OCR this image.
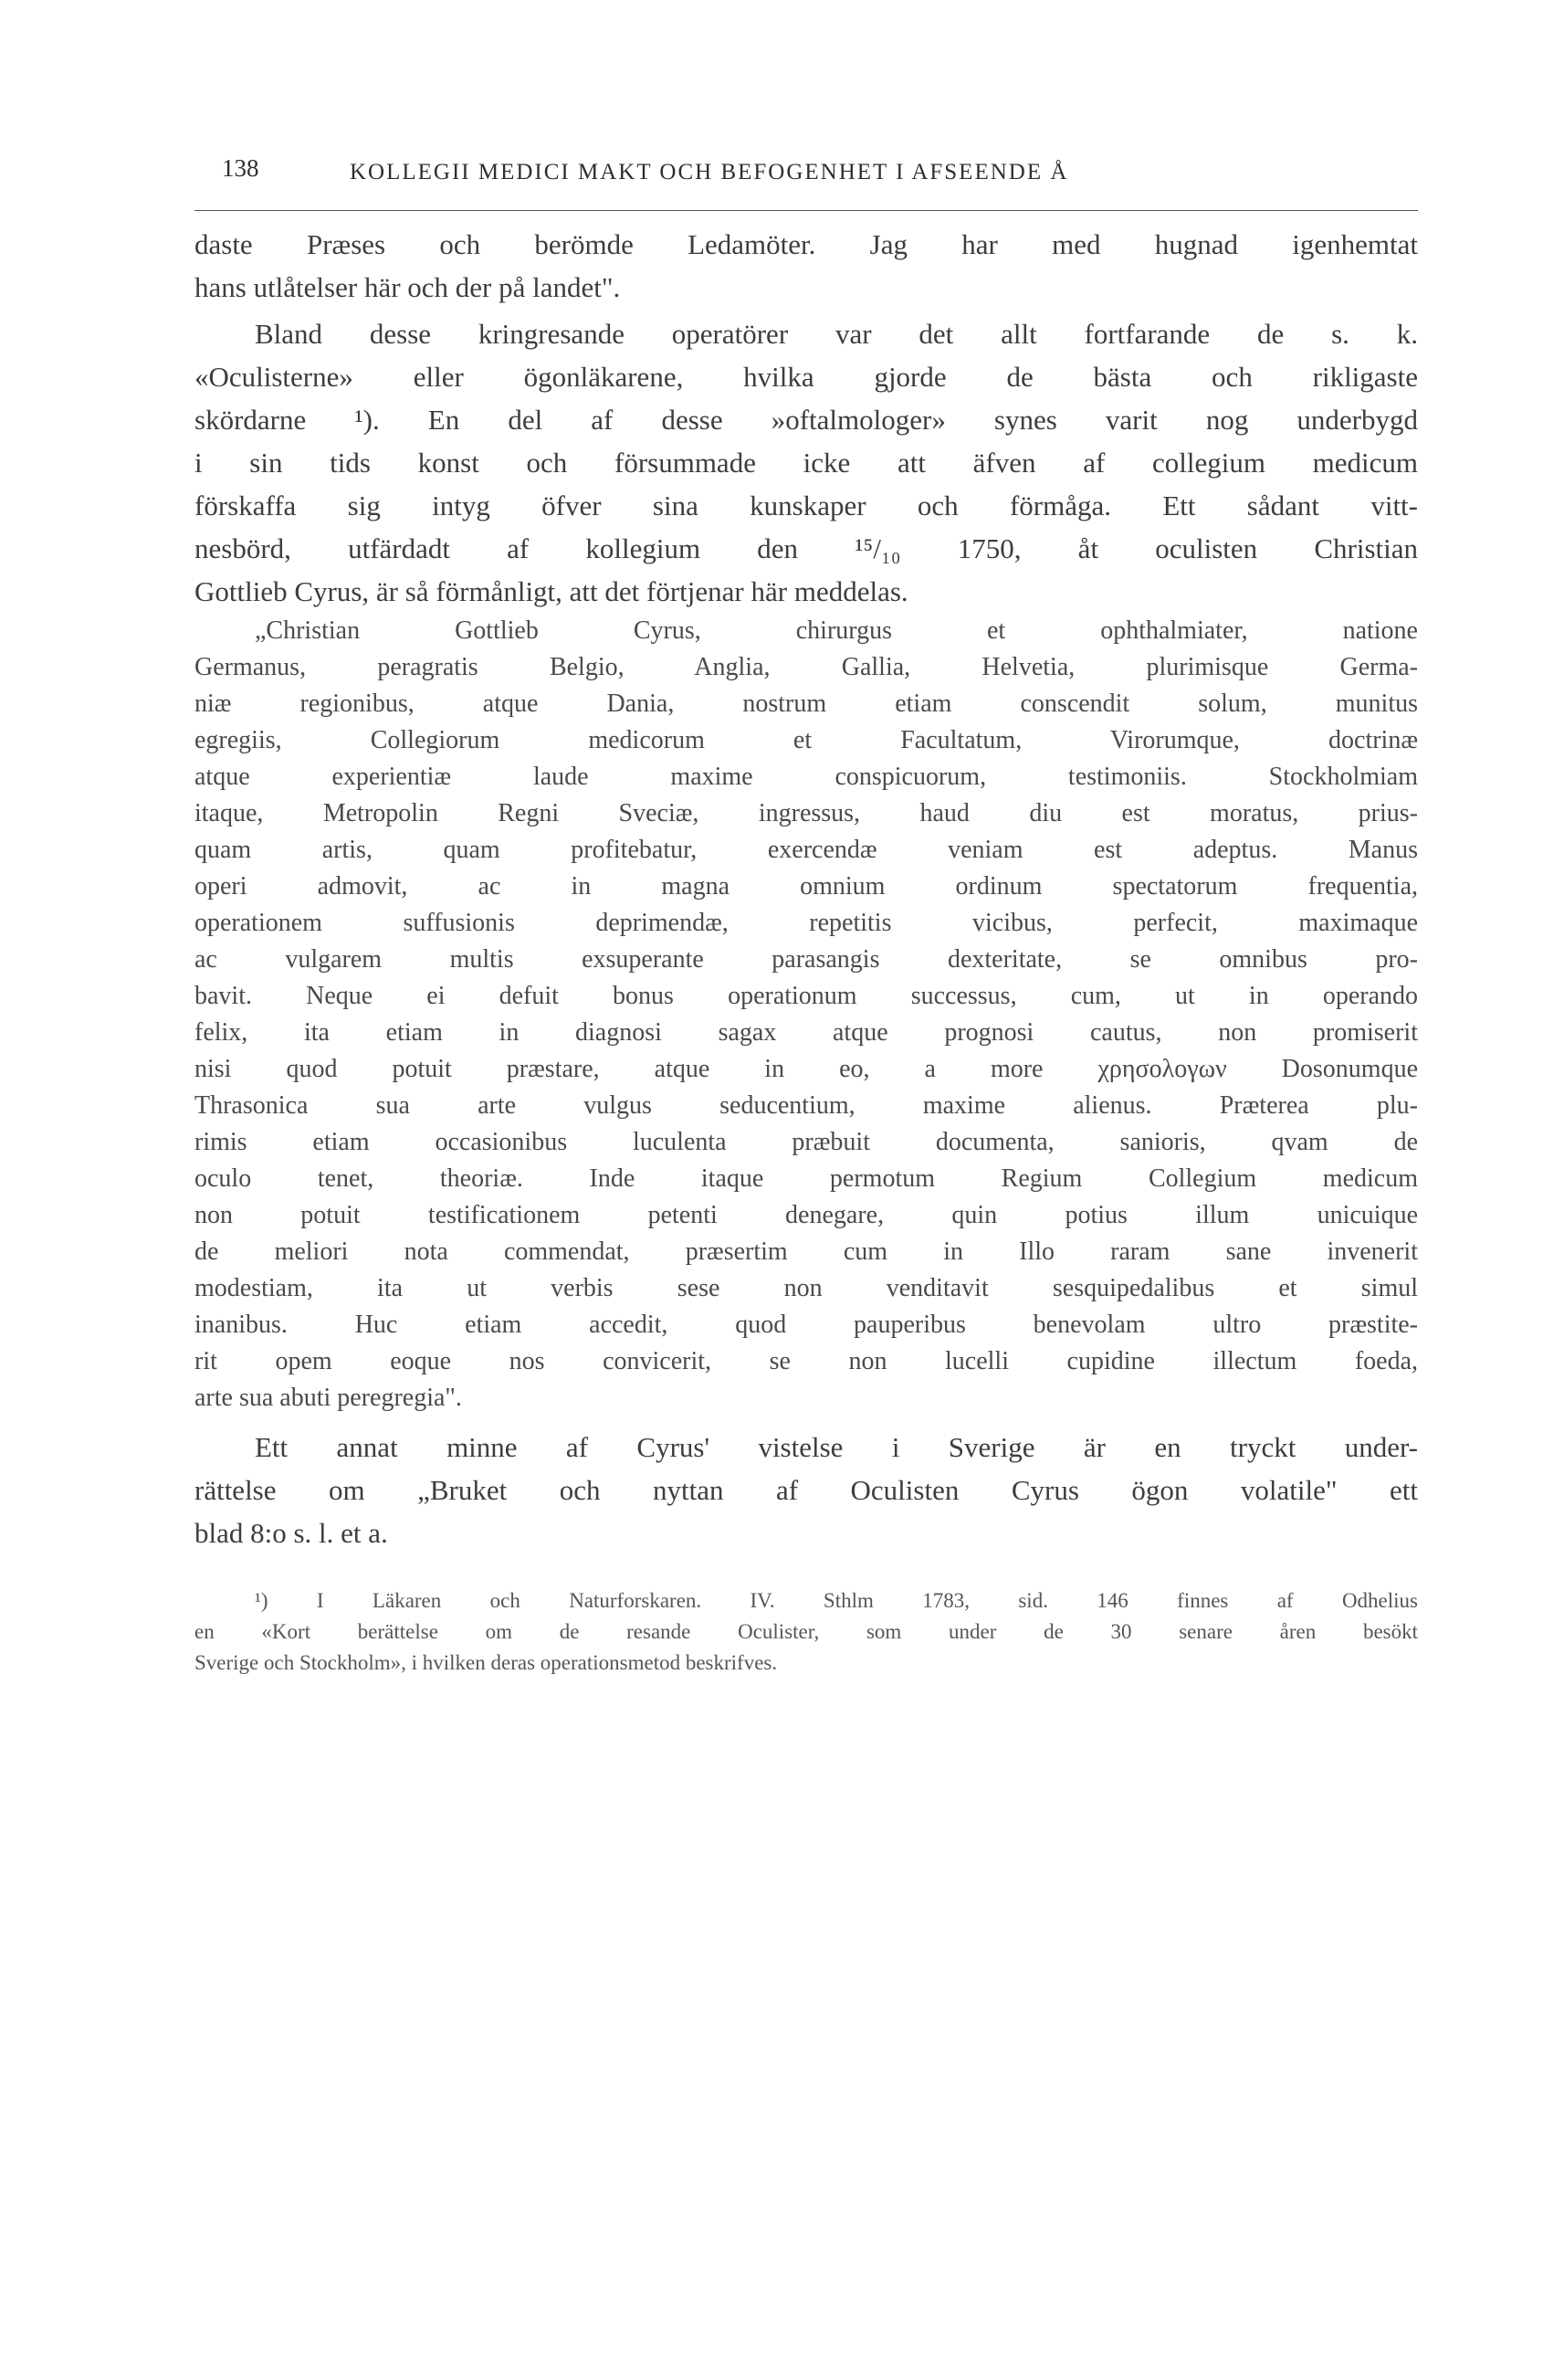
138	KOLLEGII MEDICI MAKT OCH BEFOGENHET I AFSEENDE Å
daste Præses och berömde Ledamöter. Jag har med hugnad igenhemtat
hans utlåtelser här och der på landet".
Bland desse kringresande operatörer var det allt fortfarande de s. k.
«Oculisterne» eller ögonläkarene, hvilka gjorde de bästa och rikligaste
skördarne ¹). En del af desse »oftalmologer» synes varit nog underbygd
i sin tids konst och försummade icke att äfven af collegium medicum
förskaffa sig intyg öfver sina kunskaper och förmåga. Ett sådant vitt-
nesbörd, utfärdadt af kollegium den ¹⁵/₁₀ 1750, åt oculisten Christian
Gottlieb Cyrus, är så förmånligt, att det förtjenar här meddelas.
„Christian Gottlieb Cyrus, chirurgus et ophthalmiater, natione
Germanus, peragratis Belgio, Anglia, Gallia, Helvetia, plurimisque Germa-
niæ regionibus, atque Dania, nostrum etiam conscendit solum, munitus
egregiis, Collegiorum medicorum et Facultatum, Virorumque, doctrinæ
atque experientiæ laude maxime conspicuorum, testimoniis. Stockholmiam
itaque, Metropolin Regni Sveciæ, ingressus, haud diu est moratus, prius-
quam artis, quam profitebatur, exercendæ veniam est adeptus. Manus
operi admovit, ac in magna omnium ordinum spectatorum frequentia,
operationem suffusionis deprimendæ, repetitis vicibus, perfecit, maximaque
ac vulgarem multis exsuperante parasangis dexteritate, se omnibus pro-
bavit. Neque ei defuit bonus operationum successus, cum, ut in operando
felix, ita etiam in diagnosi sagax atque prognosi cautus, non promiserit
nisi quod potuit præstare, atque in eo, a more χρησολογων Dosonumque
Thrasonica sua arte vulgus seducentium, maxime alienus. Præterea plu-
rimis etiam occasionibus luculenta præbuit documenta, sanioris, qvam de
oculo tenet, theoriæ. Inde itaque permotum Regium Collegium medicum
non potuit testificationem petenti denegare, quin potius illum unicuique
de meliori nota commendat, præsertim cum in Illo raram sane invenerit
modestiam, ita ut verbis sese non venditavit sesquipedalibus et simul
inanibus. Huc etiam accedit, quod pauperibus benevolam ultro præstite-
rit opem eoque nos convicerit, se non lucelli cupidine illectum foeda,
arte sua abuti peregregia".
Ett annat minne af Cyrus' vistelse i Sverige är en tryckt under-
rättelse om „Bruket och nyttan af Oculisten Cyrus ögon volatile" ett
blad 8:o s. l. et a.
¹) I Läkaren och Naturforskaren. IV. Sthlm 1783, sid. 146 finnes af Odhelius
en «Kort berättelse om de resande Oculister, som under de 30 senare åren besökt
Sverige och Stockholm», i hvilken deras operationsmetod beskrifves.
